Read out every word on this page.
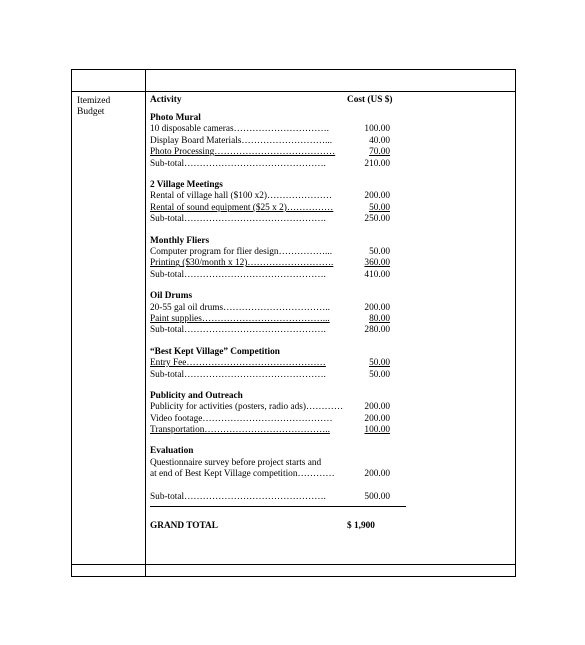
Itemized
Budget
Activity	Cost (US $)
Photo Mural
10 disposable cameras………………………….	100.00
Display Board Materials………………………...	40.00
Photo Processing…………………………………	70.00
Sub-total……………………………………….	210.00
2 Village Meetings
Rental of village hall ($100 x2)…………………	200.00
Rental of sound equipment ($25 x 2)……………	50.00
Sub-total……………………………………….	250.00
Monthly Fliers
Computer program for flier design……………...	50.00
Printing ($30/month x 12)……………………….	360.00
Sub-total……………………………………….	410.00
Oil Drums
20-55 gal oil drums……………………………..	200.00
Paint supplies…………………………………...	80.00
Sub-total……………………………………….	280.00
“Best Kept Village” Competition
Entry Fee………………………………………	50.00
Sub-total……………………………………….	50.00
Publicity and Outreach
Publicity for activities (posters, radio ads)………… 200.00
Video footage……………………………………	200.00
Transportation…………………………………..	100.00
Evaluation
Questionnaire survey before project starts and
at end of Best Kept Village competition…………	200.00
Sub-total……………………………………….	500.00
GRAND TOTAL	$ 1,900
